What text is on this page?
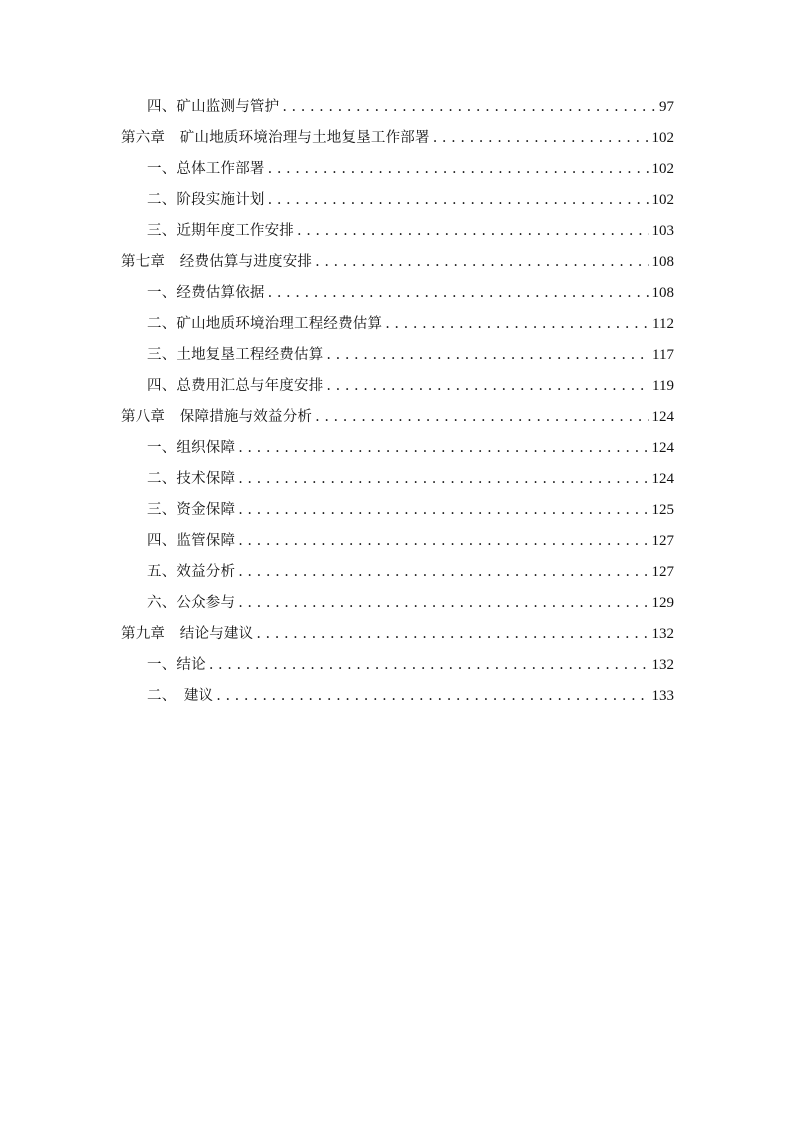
四、矿山监测与管护 . . .	97
第六章　矿山地质环境治理与土地复垦工作部署 . . .	102
一、总体工作部署 . . .	102
二、阶段实施计划 . . .	102
三、近期年度工作安排 . . .	103
第七章　经费估算与进度安排 . . .	108
一、经费估算依据 . . .	108
二、矿山地质环境治理工程经费估算 . . .	112
三、土地复垦工程经费估算 . . .	117
四、总费用汇总与年度安排 . . .	119
第八章　保障措施与效益分析 . . .	124
一、组织保障 . . .	124
二、技术保障 . . .	124
三、资金保障 . . .	125
四、监管保障 . . .	127
五、效益分析 . . .	127
六、公众参与 . . .	129
第九章　结论与建议 . . .	132
一、结论 . . .	132
二、　建议 . . .	133
